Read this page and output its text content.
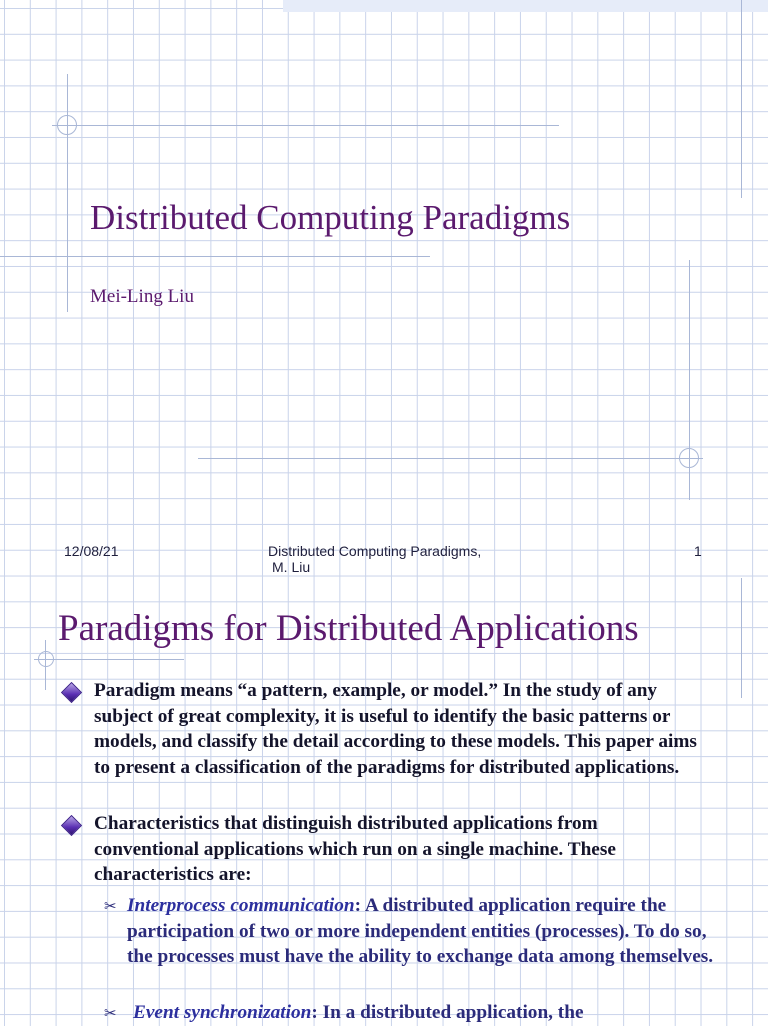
Distributed Computing Paradigms
Mei-Ling Liu
12/08/21	Distributed Computing Paradigms,
M. Liu
1
Paradigms for Distributed Applications
Paradigm means “a pattern, example, or model.” In the study of any subject of great complexity, it is useful to identify the basic patterns or models, and classify the detail according to these models. This paper aims to present a classification of the paradigms for distributed applications.
Characteristics that distinguish distributed applications from conventional applications which run on a single machine. These characteristics are:
✂ Interprocess communication: A distributed application require the participation of two or more independent entities (processes). To do so, the processes must have the ability to exchange data among themselves.
✂ Event synchronization: In a distributed application, the
